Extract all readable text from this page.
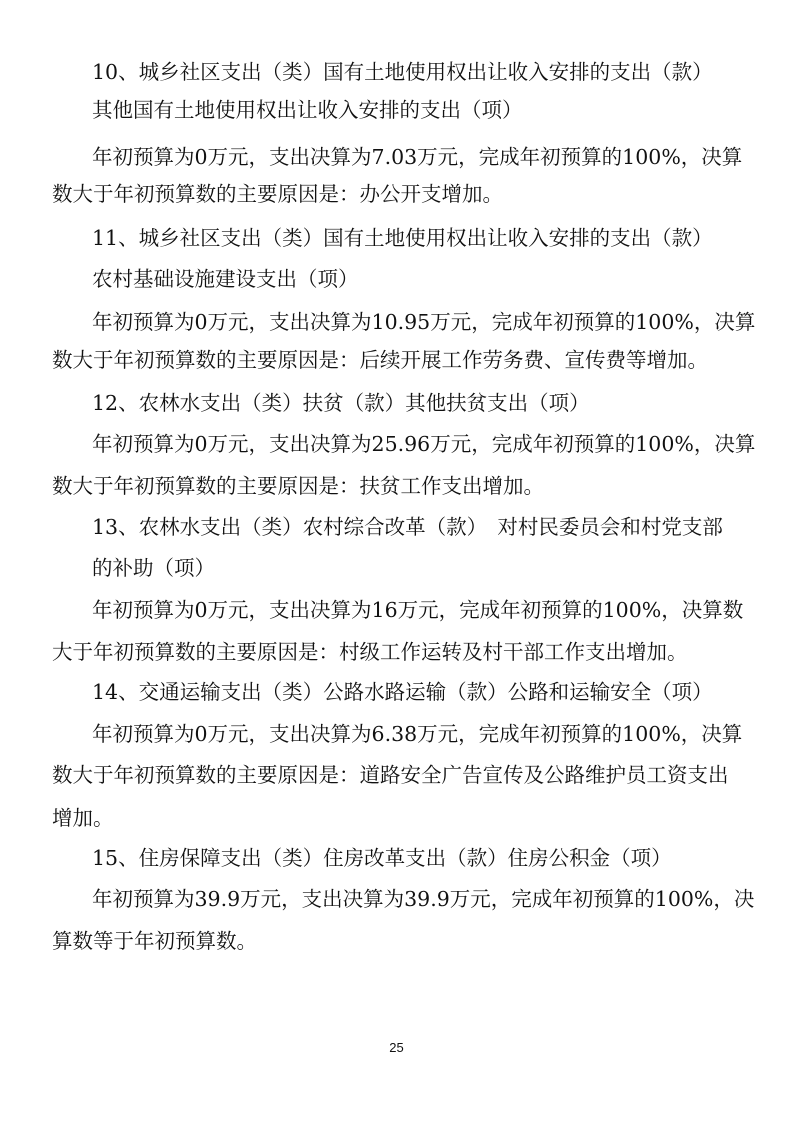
10、城乡社区支出（类）国有土地使用权出让收入安排的支出（款）
其他国有土地使用权出让收入安排的支出（项）
年初预算为0万元，支出决算为7.03万元，完成年初预算的100%，决算
数大于年初预算数的主要原因是：办公开支增加。
11、城乡社区支出（类）国有土地使用权出让收入安排的支出（款）
农村基础设施建设支出（项）
年初预算为0万元，支出决算为10.95万元，完成年初预算的100%，决算
数大于年初预算数的主要原因是：后续开展工作劳务费、宣传费等增加。
12、农林水支出（类）扶贫（款）其他扶贫支出（项）
年初预算为0万元，支出决算为25.96万元，完成年初预算的100%，决算
数大于年初预算数的主要原因是：扶贫工作支出增加。
13、农林水支出（类）农村综合改革（款）　对村民委员会和村党支部
的补助（项）
年初预算为0万元，支出决算为16万元，完成年初预算的100%，决算数
大于年初预算数的主要原因是：村级工作运转及村干部工作支出增加。
14、交通运输支出（类）公路水路运输（款）公路和运输安全（项）
年初预算为0万元，支出决算为6.38万元，完成年初预算的100%，决算
数大于年初预算数的主要原因是：道路安全广告宣传及公路维护员工资支出
增加。
15、住房保障支出（类）住房改革支出（款）住房公积金（项）
年初预算为39.9万元，支出决算为39.9万元，完成年初预算的100%，决
算数等于年初预算数。
25
